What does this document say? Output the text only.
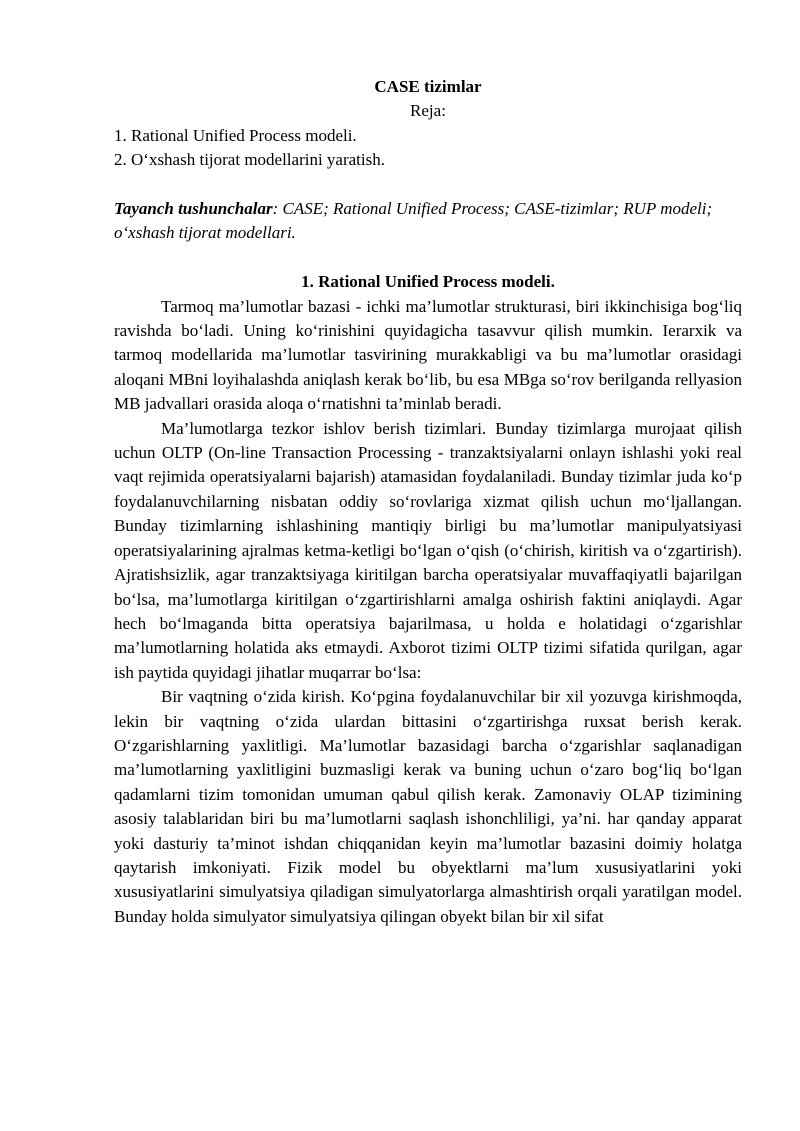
CASE tizimlar

Reja:

1. Rational Unified Process modeli.

2. O‘xshash tijorat modellarini yaratish.

Tayanch tushunchalar: CASE; Rational Unified Process; CASE-tizimlar; RUP modeli; o‘xshash tijorat modellari.

1. Rational Unified Process modeli.

Tarmoq ma’lumotlar bazasi - ichki ma’lumotlar strukturasi, biri ikkinchisiga bog‘liq ravishda bo‘ladi. Uning ko‘rinishini quyidagicha tasavvur qilish mumkin. Ierarxik va tarmoq modellarida ma’lumotlar tasvirining murakkabligi va bu ma’lumotlar orasidagi aloqani MBni loyihalashda aniqlash kerak bo‘lib, bu esa MBga so‘rov berilganda rellyasion MB jadvallari orasida aloqa o‘rnatishni ta’minlab beradi.

Ma’lumotlarga tezkor ishlov berish tizimlari. Bunday tizimlarga murojaat qilish uchun OLTP (On-line Transaction Processing - tranzaktsiyalarni onlayn ishlashi yoki real vaqt rejimida operatsiyalarni bajarish) atamasidan foydalaniladi. Bunday tizimlar juda ko‘p foydalanuvchilarning nisbatan oddiy so‘rovlariga xizmat qilish uchun mo‘ljallangan. Bunday tizimlarning ishlashining mantiqiy birligi bu ma’lumotlar manipulyatsiyasi operatsiyalarining ajralmas ketma-ketligi bo‘lgan o‘qish (o‘chirish, kiritish va o‘zgartirish). Ajratishsizlik, agar tranzaktsiyaga kiritilgan barcha operatsiyalar muvaffaqiyatli bajarilgan bo‘lsa, ma’lumotlarga kiritilgan o‘zgartirishlarni amalga oshirish faktini aniqlaydi. Agar hech bo‘lmaganda bitta operatsiya bajarilmasa, u holda e holatidagi o‘zgarishlar ma’lumotlarning holatida aks etmaydi. Axborot tizimi OLTP tizimi sifatida qurilgan, agar ish paytida quyidagi jihatlar muqarrar bo‘lsa:

Bir vaqtning o‘zida kirish. Ko‘pgina foydalanuvchilar bir xil yozuvga kirishmoqda, lekin bir vaqtning o‘zida ulardan bittasini o‘zgartirishga ruxsat berish kerak. O‘zgarishlarning yaxlitligi. Ma’lumotlar bazasidagi barcha o‘zgarishlar saqlanadigan ma’lumotlarning yaxlitligini buzmasligi kerak va buning uchun o‘zaro bog‘liq bo‘lgan qadamlarni tizim tomonidan umuman qabul qilish kerak. Zamonaviy OLAP tizimining asosiy talablaridan biri bu ma’lumotlarni saqlash ishonchliligi, ya’ni. har qanday apparat yoki dasturiy ta’minot ishdan chiqqanidan keyin ma’lumotlar bazasini doimiy holatga qaytarish imkoniyati. Fizik model bu obyektlarni ma’lum xususiyatlarini yoki xususiyatlarini simulyatsiya qiladigan simulyatorlarga almashtirish orqali yaratilgan model. Bunday holda simulyator simulyatsiya qilingan obyekt bilan bir xil sifat
